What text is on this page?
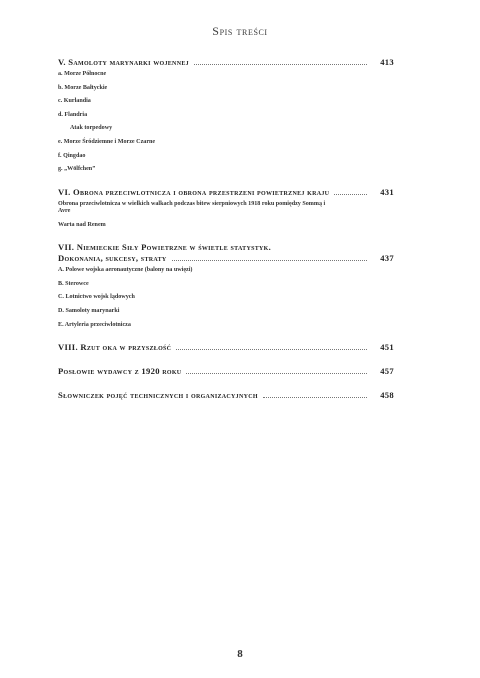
Spis treści
V. Samoloty marynarki wojennej	413
a. Morze Północne
b. Morze Bałtyckie
c. Kurlandia
d. Flandria
Atak torpedowy
e. Morze Śródziemne i Morze Czarne
f. Qingdao
g. „Wölfchen”
VI. Obrona przeciwlotnicza i obrona przestrzeni powietrznej kraju	431
Obrona przeciwlotnicza w wielkich walkach podczas bitew sierpniowych 1918 roku pomiędzy Sommą i Avre
Warta nad Renem
VII. Niemieckie Siły Powietrzne w świetle statystyk.
Dokonania, sukcesy, straty	437
A. Polowe wojska aeronautyczne (balony na uwięzi)
B. Sterowce
C. Lotnictwo wojsk lądowych
D. Samoloty marynarki
E. Artyleria przeciwlotnicza
VIII. Rzut oka w przyszłość	451
Posłowie wydawcy z 1920 roku	457
Słowniczek pojęć technicznych i organizacyjnych	458
8
